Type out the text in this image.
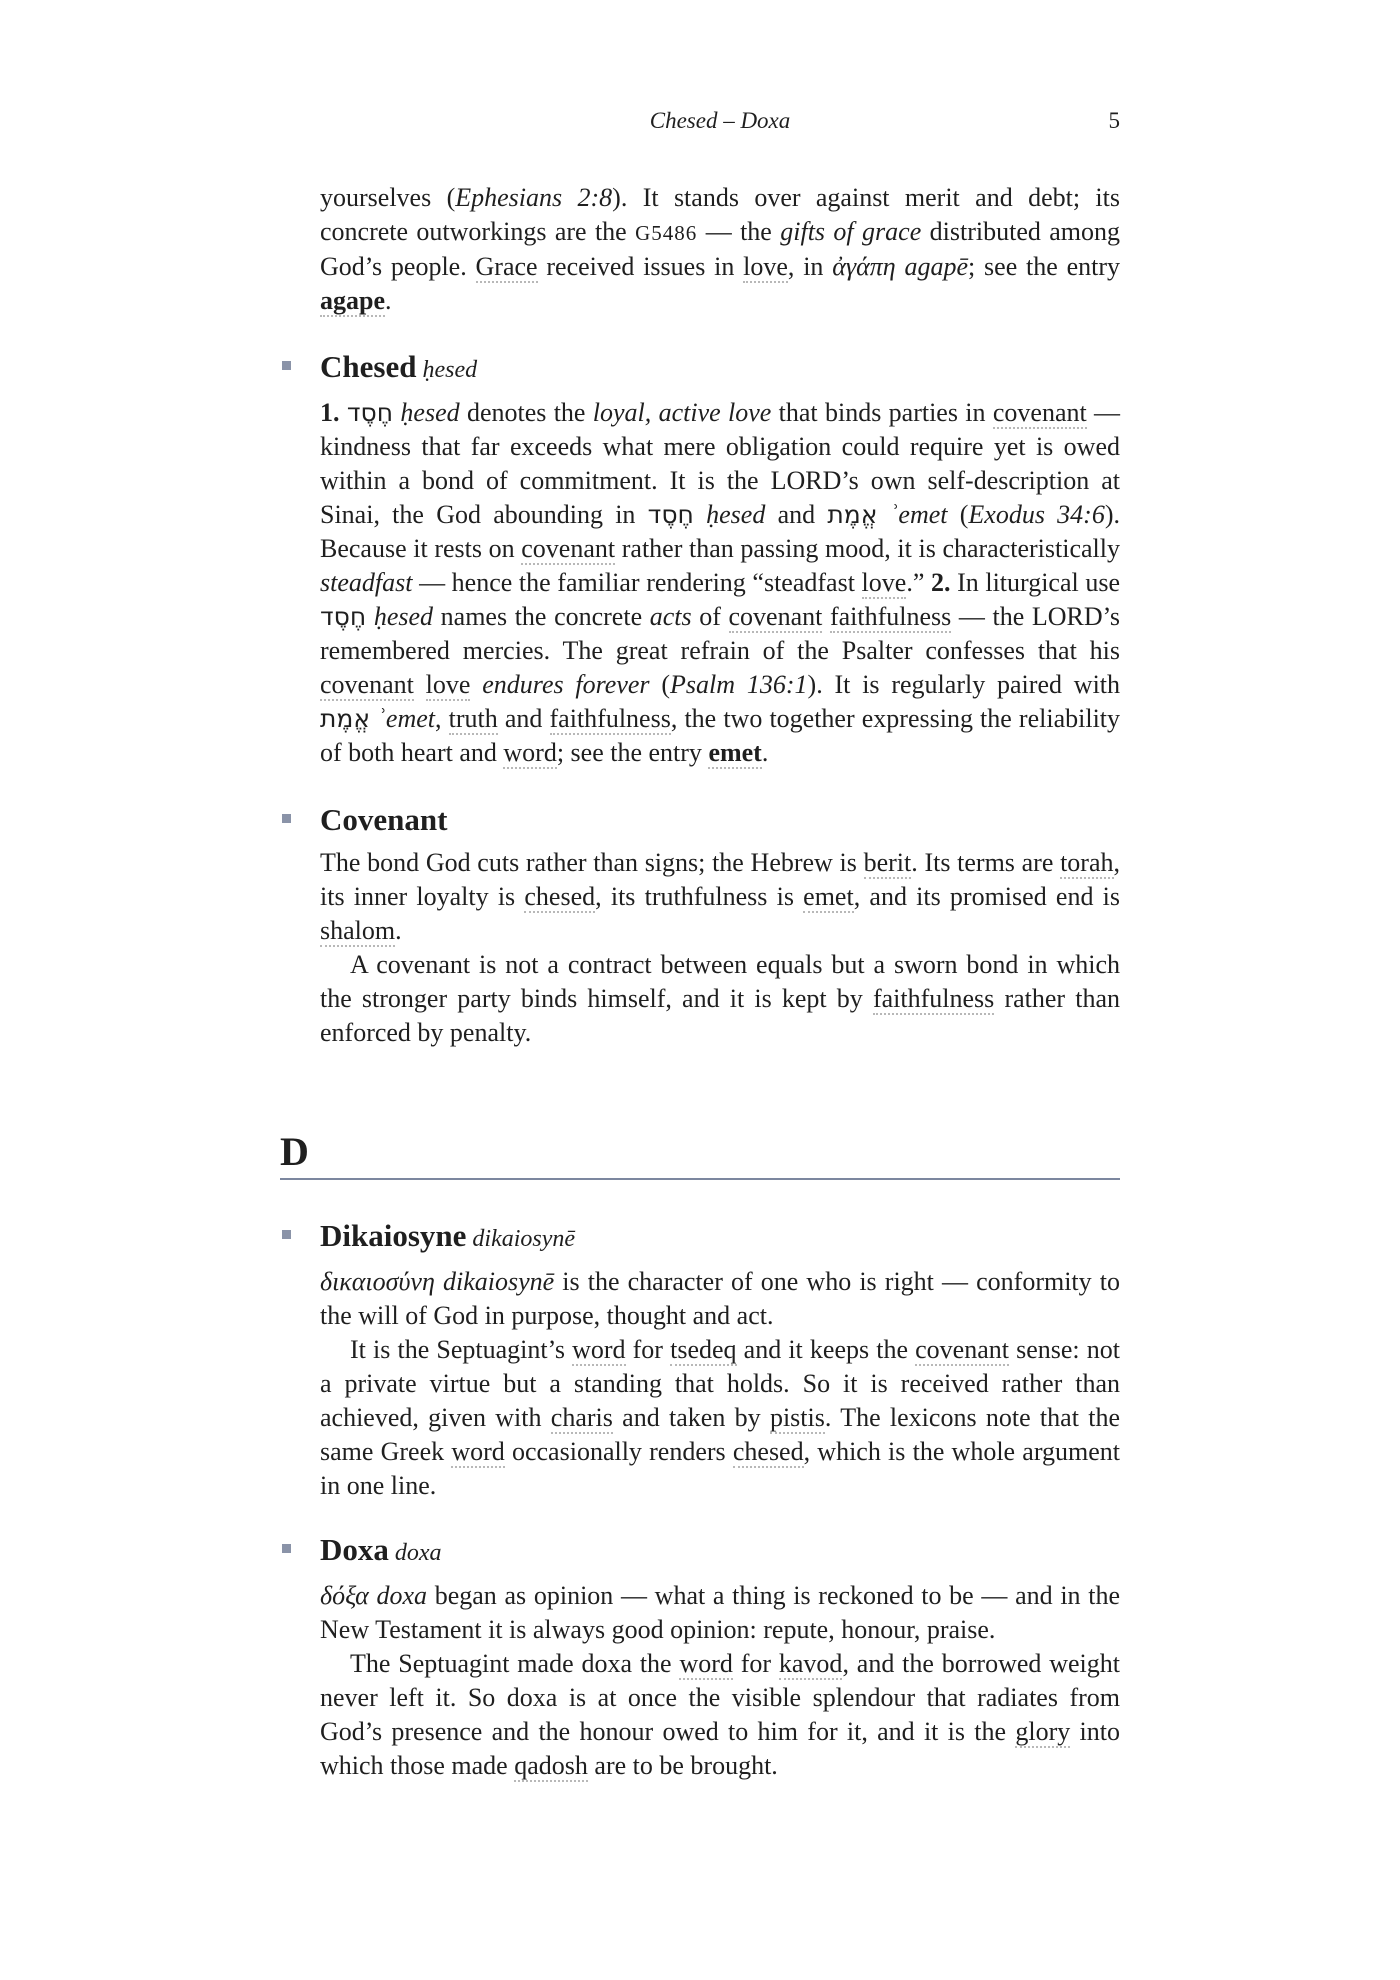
Chesed – Doxa	5

yourselves (Ephesians 2:8). It stands over against merit and debt; its concrete outworkings are the G5486 — the gifts of grace distributed among God’s people. Grace received issues in love, in ἀγάπη agapē; see the entry agape.

Chesed ḥesed

1. חֶסֶד ḥesed denotes the loyal, active love that binds parties in covenant — kindness that far exceeds what mere obligation could require yet is owed within a bond of commitment. It is the LORD’s own self-description at Sinai, the God abounding in חֶסֶד ḥesed and אֱמֶת ʾemet (Exodus 34:6). Because it rests on covenant rather than passing mood, it is characteristically steadfast — hence the familiar rendering “steadfast love.” 2. In liturgical use חֶסֶד ḥesed names the concrete acts of covenant faithfulness — the LORD’s remembered mercies. The great refrain of the Psalter confesses that his covenant love endures forever (Psalm 136:1). It is regularly paired with אֱמֶת ʾemet, truth and faithfulness, the two together expressing the reliability of both heart and word; see the entry emet.

Covenant

The bond God cuts rather than signs; the Hebrew is berit. Its terms are torah, its inner loyalty is chesed, its truthfulness is emet, and its promised end is shalom.

A covenant is not a contract between equals but a sworn bond in which the stronger party binds himself, and it is kept by faithfulness rather than enforced by penalty.

D
Dikaiosyne dikaiosynē

δικαιοσύνη dikaiosynē is the character of one who is right — conformity to the will of God in purpose, thought and act.

It is the Septuagint’s word for tsedeq and it keeps the covenant sense: not a private virtue but a standing that holds. So it is received rather than achieved, given with charis and taken by pistis. The lexicons note that the same Greek word occasionally renders chesed, which is the whole argument in one line.

Doxa doxa

δόξα doxa began as opinion — what a thing is reckoned to be — and in the New Testament it is always good opinion: repute, honour, praise.

The Septuagint made doxa the word for kavod, and the borrowed weight never left it. So doxa is at once the visible splendour that radiates from God’s presence and the honour owed to him for it, and it is the glory into which those made qadosh are to be brought.
